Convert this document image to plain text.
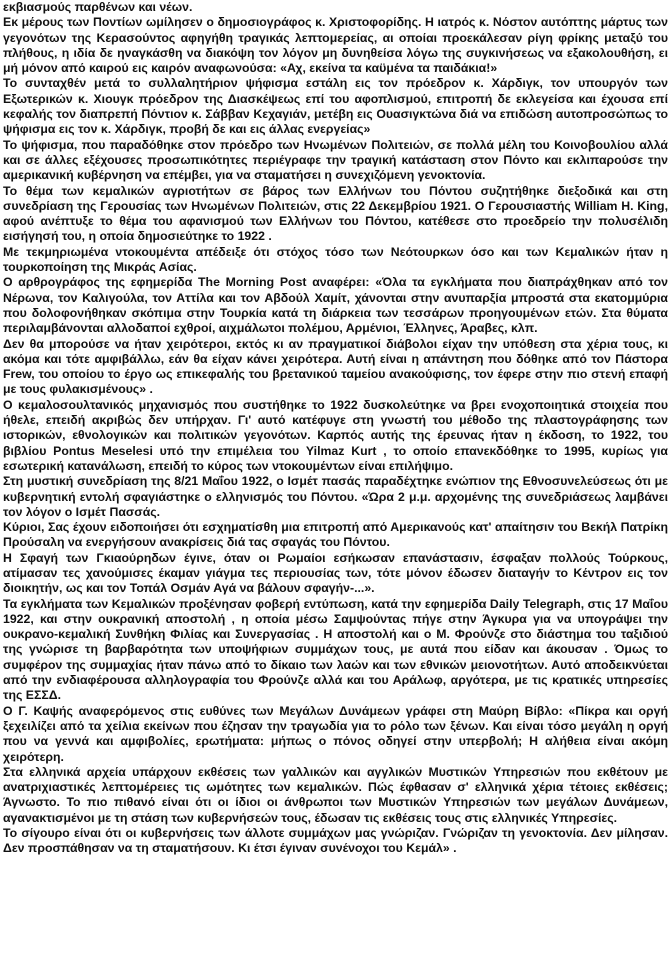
εκβιασμούς παρθένων και νέων.

Εκ μέρους των Ποντίων ωμίλησεν ο δημοσιογράφος κ. Χριστοφορίδης. Η ιατρός κ. Νόστον αυτόπτης μάρτυς των γεγονότων της Κερασούντος αφηγήθη τραγικάς λεπτομερείας, αι οποίαι προεκάλεσαν ρίγη φρίκης μεταξύ του πλήθους, η ιδία δε ηναγκάσθη να διακόψη τον λόγον μη δυνηθείσα λόγω της συγκινήσεως να εξακολουθήση, ει μή μόνον από καιρού εις καιρόν αναφωνούσα: «Αχ, εκείνα τα καϋμένα τα παιδάκια!»

Το συνταχθέν μετά το συλλαλητήριον ψήφισμα εστάλη εις τον πρόεδρον κ. Χάρδιγκ, τον υπουργόν των Εξωτερικών κ. Χιουγκ πρόεδρον της Διασκέψεως επί του αφοπλισμού, επιτροπή δε εκλεγείσα και έχουσα επί κεφαλής τον διαπρεπή Πόντιον κ. Σάββαν Κεχαγιάν, μετέβη εις Ουασιγκτώνα διά να επιδώση αυτοπροσώπως το ψήφισμα εις τον κ. Χάρδιγκ, προβή δε και εις άλλας ενεργείας»

Το ψήφισμα, που παραδόθηκε στον πρόεδρο των Ηνωμένων Πολιτειών, σε πολλά μέλη του Κοινοβουλίου αλλά και σε άλλες εξέχουσες προσωπικότητες περιέγραφε την τραγική κατάσταση στον Πόντο και εκλιπαρούσε την αμερικανική κυβέρνηση να επέμβει, για να σταματήσει η συνεχιζόμενη γενοκτονία.

Το θέμα των κεμαλικών αγριοτήτων σε βάρος των Ελλήνων του Πόντου συζητήθηκε διεξοδικά και στη συνεδρίαση της Γερουσίας των Ηνωμένων Πολιτειών, στις 22 Δεκεμβρίου 1921. Ο Γερουσιαστής William H. King, αφού ανέπτυξε το θέμα του αφανισμού των Ελλήνων του Πόντου, κατέθεσε στο προεδρείο την πολυσέλιδη εισήγησή του, η οποία δημοσιεύτηκε το 1922 .

Με τεκμηριωμένα ντοκουμέντα απέδειξε ότι στόχος τόσο των Νεότουρκων όσο και των Κεμαλικών ήταν η τουρκοποίηση της Μικράς Ασίας.

Ο αρθρογράφος της εφημερίδα The Morning Post αναφέρει: «Όλα τα εγκλήματα που διαπράχθηκαν από τον Νέρωνα, τον Καλιγούλα, τον Αττίλα και τον Αβδούλ Χαμίτ, χάνονται στην ανυπαρξία μπροστά στα εκατομμύρια που δολοφονήθηκαν σκόπιμα στην Τουρκία κατά τη διάρκεια των τεσσάρων προηγουμένων ετών. Στα θύματα περιλαμβάνονται αλλοδαποί εχθροί, αιχμάλωτοι πολέμου, Αρμένιοι, Έλληνες, Άραβες, κλπ.

Δεν θα μπορούσε να ήταν χειρότεροι, εκτός κι αν πραγματικοί διάβολοι είχαν την υπόθεση στα χέρια τους, κι ακόμα και τότε αμφιβάλλω, εάν θα είχαν κάνει χειρότερα. Αυτή είναι η απάντηση που δόθηκε από τον Πάστορα Frew, του οποίου το έργο ως επικεφαλής του βρετανικού ταμείου ανακούφισης, τον έφερε στην πιο στενή επαφή με τους φυλακισμένους» .

Ο κεμαλοσουλτανικός μηχανισμός που συστήθηκε το 1922 δυσκολεύτηκε να βρει ενοχοποιητικά στοιχεία που ήθελε, επειδή ακριβώς δεν υπήρχαν. Γι' αυτό κατέφυγε στη γνωστή του μέθοδο της πλαστογράφησης των ιστορικών, εθνολογικών και πολιτικών γεγονότων. Καρπός αυτής της έρευνας ήταν η έκδοση, το 1922, του βιβλίου Pontus Meselesi υπό την επιμέλεια του Yilmaz Kurt , το οποίο επανεκδόθηκε το 1995, κυρίως για εσωτερική κατανάλωση, επειδή το κύρος των ντοκουμέντων είναι επιλήψιμο.

Στη μυστική συνεδρίαση της 8/21 Μαΐου 1922, ο Ισμέτ πασάς παραδέχτηκε ενώπιον της Εθνοσυνελεύσεως ότι με κυβερνητική εντολή σφαγιάστηκε ο ελληνισμός του Πόντου. «Ώρα 2 μ.μ. αρχομένης της συνεδριάσεως λαμβάνει τον λόγον ο Ισμέτ Πασσάς.

Κύριοι, Σας έχουν ειδοποιήσει ότι εσχηματίσθη μια επιτροπή από Αμερικανούς κατ' απαίτησιν του Βεκήλ Πατρίκη Προύσαλη να ενεργήσουν ανακρίσεις διά τας σφαγάς του Πόντου.

Η Σφαγή των Γκιαούρηδων έγινε, όταν οι Ρωμαίοι εσήκωσαν επανάστασιν, έσφαξαν πολλούς Τούρκους, ατίμασαν τες χανούμισες έκαμαν γιάγμα τες περιουσίας των, τότε μόνον έδωσεν διαταγήν το Κέντρον εις τον διοικητήν, ως και τον Τοπάλ Οσμάν Αγά να βάλουν σφαγήν-...».

Τα εγκλήματα των Κεμαλικών προξένησαν φοβερή εντύπωση, κατά την εφημερίδα Daily Telegraph, στις 17 Μαΐου 1922, και στην ουκρανική αποστολή , η οποία μέσω Σαμψούντας πήγε στην Άγκυρα για να υπογράψει την ουκρανο-κεμαλική Συνθήκη Φιλίας και Συνεργασίας . Η αποστολή και ο Μ. Φρούνζε στο διάστημα του ταξιδιού της γνώρισε τη βαρβαρότητα των υποψήφιων συμμάχων τους, με αυτά που είδαν και άκουσαν . Όμως το συμφέρον της συμμαχίας ήταν πάνω από το δίκαιο των λαών και των εθνικών μειονοτήτων. Αυτό αποδεικνύεται από την ενδιαφέρουσα αλληλογραφία του Φρούνζε αλλά και του Αράλωφ, αργότερα, με τις κρατικές υπηρεσίες της ΕΣΣΔ.

Ο Γ. Καψής αναφερόμενος στις ευθύνες των Μεγάλων Δυνάμεων γράφει στη Μαύρη Βίβλο: «Πίκρα και οργή ξεχειλίζει από τα χείλια εκείνων που έζησαν την τραγωδία για το ρόλο των ξένων. Και είναι τόσο μεγάλη η οργή που να γεννά και αμφιβολίες, ερωτήματα: μήπως ο πόνος οδηγεί στην υπερβολή; Η αλήθεια είναι ακόμη χειρότερη.

Στα ελληνικά αρχεία υπάρχουν εκθέσεις των γαλλικών και αγγλικών Μυστικών Υπηρεσιών που εκθέτουν με ανατριχιαστικές λεπτομέρειες τις ωμότητες των κεμαλικών. Πώς έφθασαν σ' ελληνικά χέρια τέτοιες εκθέσεις; Άγνωστο. Το πιο πιθανό είναι ότι οι ίδιοι οι άνθρωποι των Μυστικών Υπηρεσιών των μεγάλων Δυνάμεων, αγανακτισμένοι με τη στάση των κυβερνήσεών τους, έδωσαν τις εκθέσεις τους στις ελληνικές Υπηρεσίες.

Το σίγουρο είναι ότι οι κυβερνήσεις των άλλοτε συμμάχων μας γνώριζαν. Γνώριζαν τη γενοκτονία. Δεν μίλησαν. Δεν προσπάθησαν να τη σταματήσουν. Κι έτσι έγιναν συνένοχοι του Κεμάλ» .
